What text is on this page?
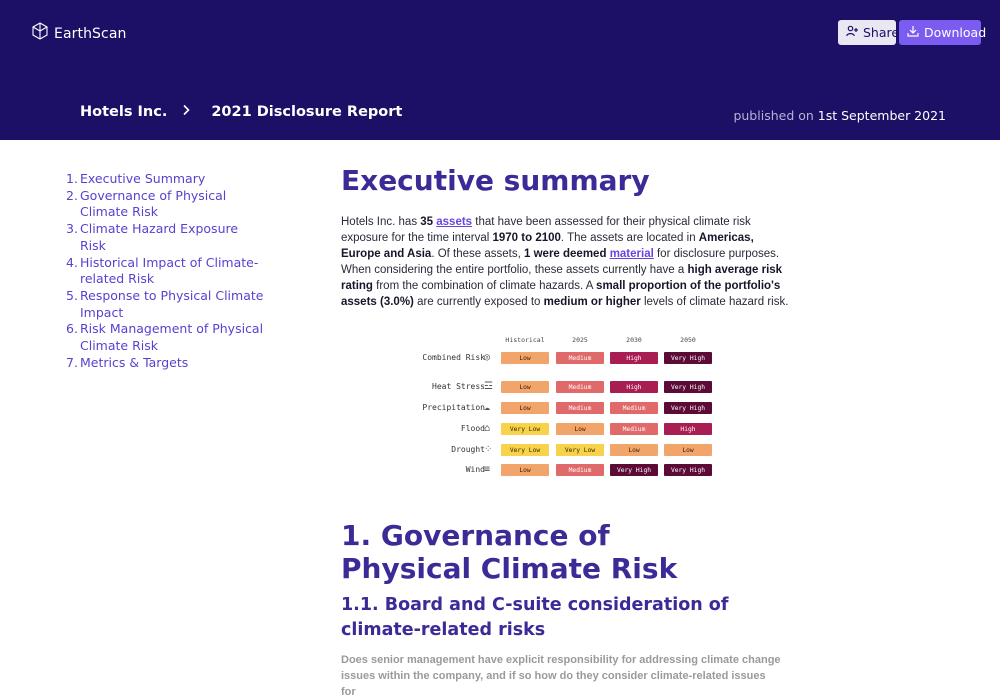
EarthScan	Share Download
Hotels Inc.	2021 Disclosure Report	published on 1st September 2021
1. Executive Summary
2. Governance of Physical Climate Risk
3. Climate Hazard Exposure Risk
4. Historical Impact of Climate-related Risk
5. Response to Physical Climate Impact
6. Risk Management of Physical Climate Risk
7. Metrics & Targets
Executive summary
Hotels Inc. has 35 assets that have been assessed for their physical climate risk exposure for the time interval 1970 to 2100. The assets are located in Americas, Europe and Asia. Of these assets, 1 were deemed material for disclosure purposes. When considering the entire portfolio, these assets currently have a high average risk rating from the combination of climate hazards. A small proportion of the portfolio's assets (3.0%) are currently exposed to medium or higher levels of climate hazard risk.
Historical	2025	2030	2050
Combined Risk ◎	Low	Medium	High	Very High
Heat Stress ☲	Low	Medium	High	Very High
Precipitation ☁	Low	Medium	Medium	Very High
Flood ⌂	Very Low	Low	Medium	High
Drought ⁘	Very Low	Very Low	Low	Low
Wind ≡	Low	Medium	Very High	Very High
1. Governance of Physical Climate Risk
1.1. Board and C-suite consideration of climate-related risks
Does senior management have explicit responsibility for addressing climate change issues within the company, and if so how do they consider climate-related issues for
